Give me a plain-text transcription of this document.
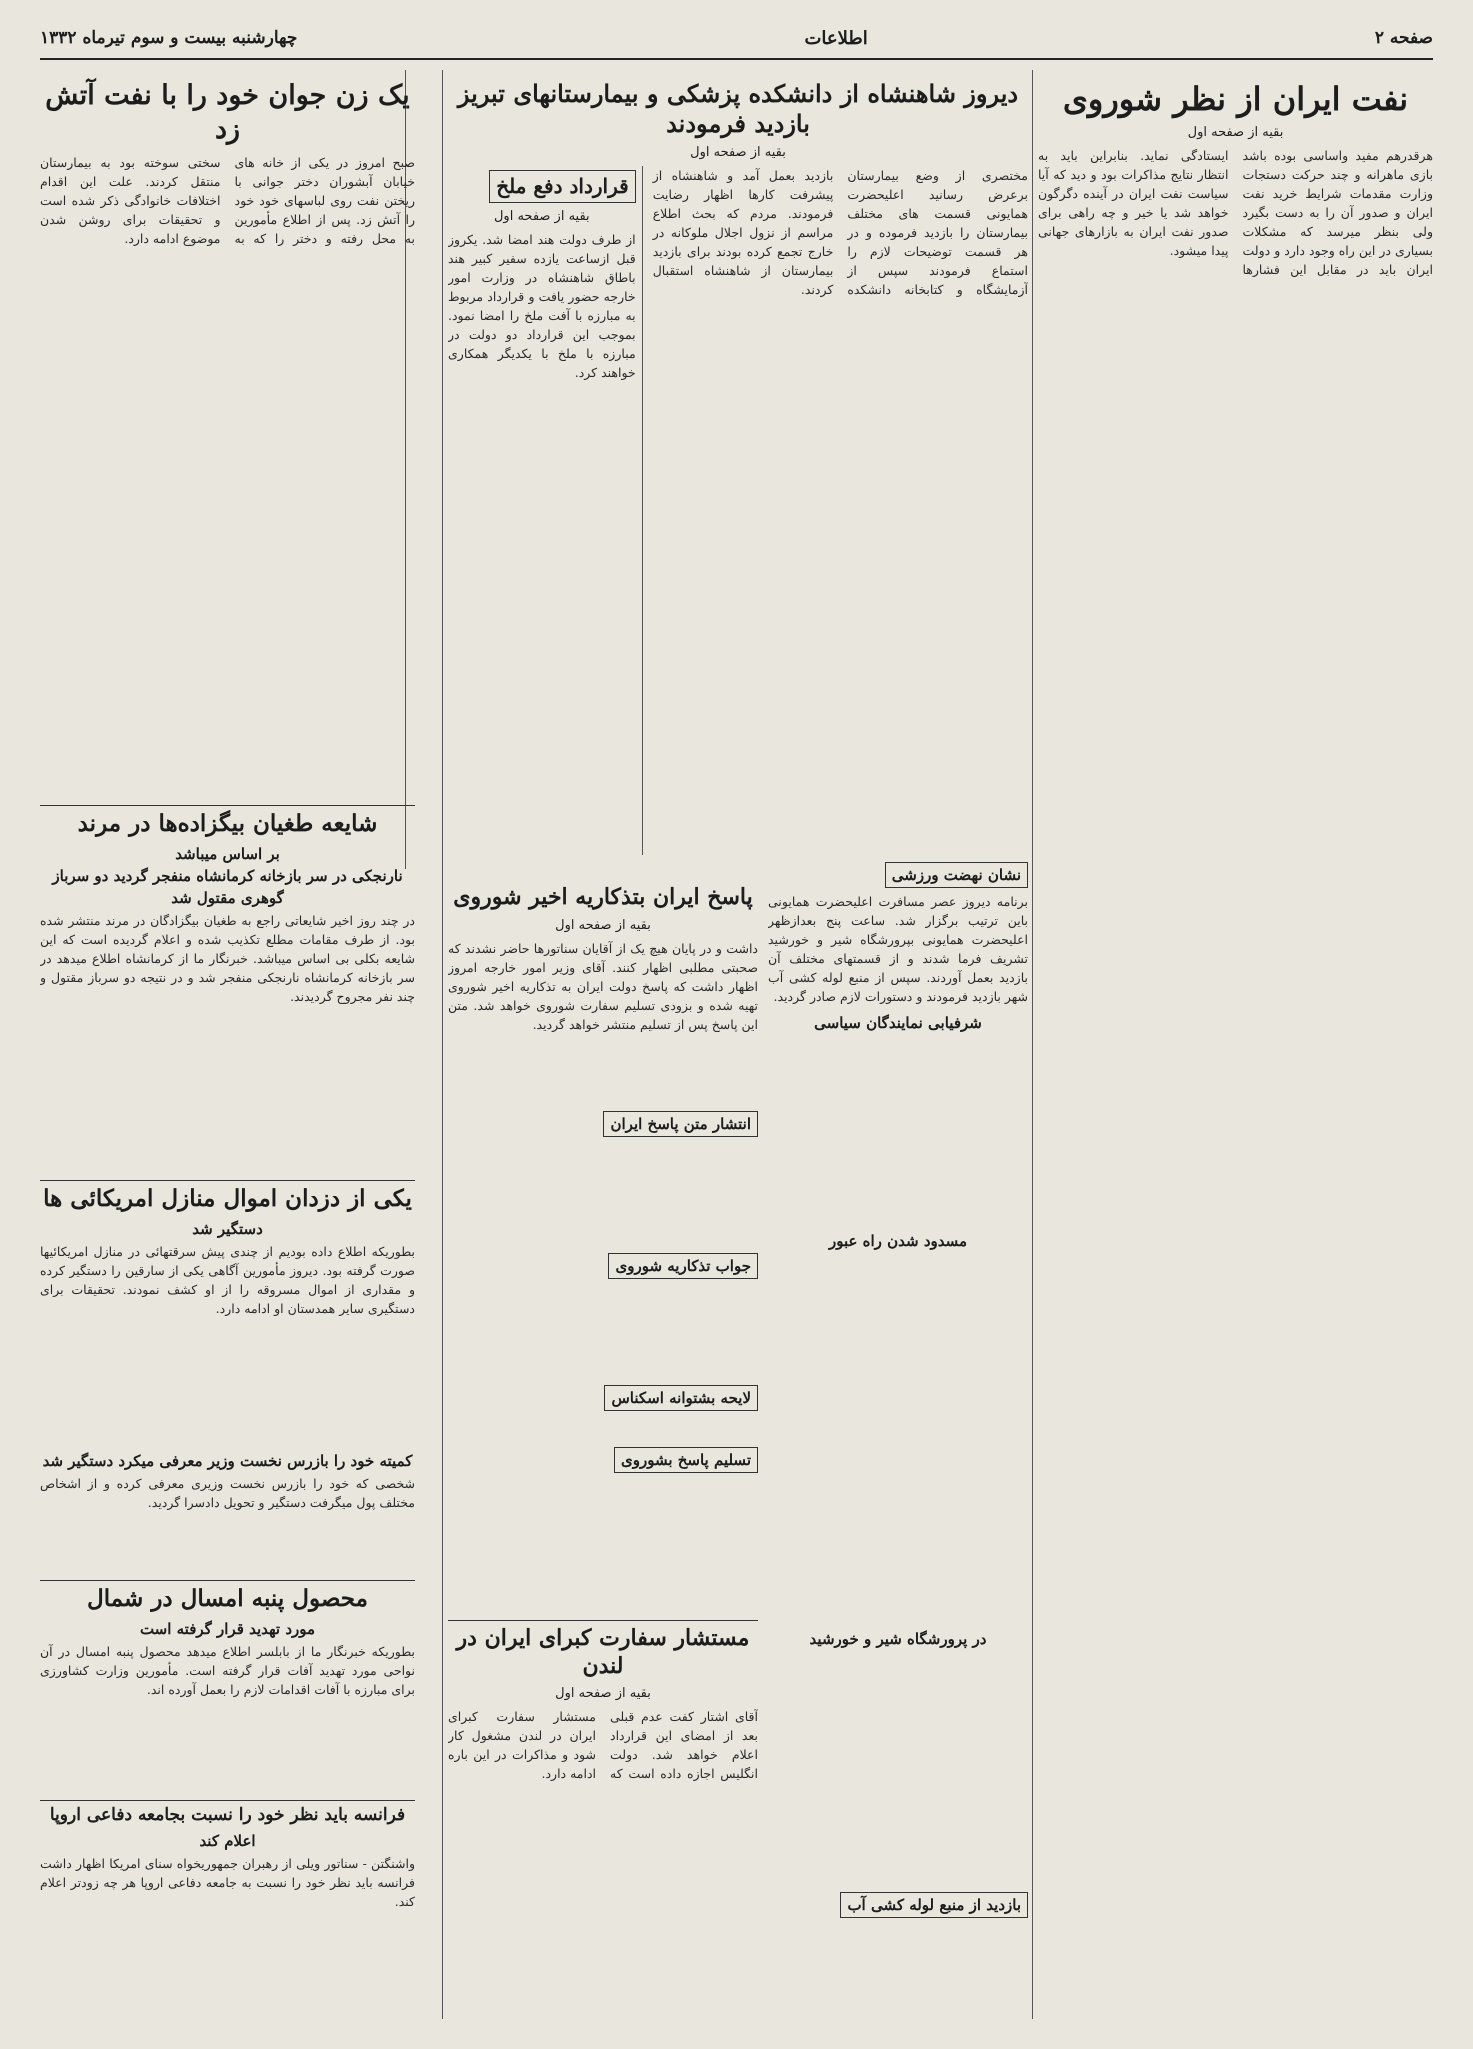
صفحه ۲
اطلاعات
چهارشنبه بیست و سوم تیرماه ۱۳۳۲
نفت ایران از نظر شوروی
بقیه از صفحه اول
هرقدرهم مفید واساسی بوده باشد بازی ماهرانه و چند حرکت دستجات وزارت مقدمات شرایط خرید نفت ایران و صدور آن را به دست بگیرد ولی بنظر میرسد که مشکلات بسیاری در این راه وجود دارد و دولت ایران باید در مقابل این فشارها ایستادگی نماید. بنابراین باید به انتظار نتایج مذاکرات بود و دید که آیا سیاست نفت ایران در آینده دگرگون خواهد شد یا خیر و چه راهی برای صدور نفت ایران به بازارهای جهانی پیدا میشود.
دیروز شاهنشاه از دانشکده پزشکی و بیمارستانهای تبریز بازدید فرمودند
بقیه از صفحه اول
مختصری از وضع بیمارستان برعرض رسانید اعلیحضرت همایونی قسمت های مختلف بیمارستان را بازدید فرموده و در هر قسمت توضیحات لازم را استماع فرمودند سپس از آزمایشگاه و کتابخانه دانشکده بازدید بعمل آمد و شاهنشاه از پیشرفت کارها اظهار رضایت فرمودند. مردم که بحث اطلاع مراسم از نزول اجلال ملوکانه در خارج تجمع کرده بودند برای بازدید بیمارستان از شاهنشاه استقبال کردند.
قرارداد دفع ملخ
بقیه از صفحه اول
از طرف دولت هند امضا شد. یکروز قبل ازساعت یازده سفیر کبیر هند باطاق شاهنشاه در وزارت امور خارجه حضور یافت و قرارداد مربوط به مبارزه با آفت ملخ را امضا نمود. بموجب این قرارداد دو دولت در مبارزه با ملخ با یکدیگر همکاری خواهند کرد.
نشان نهضت ورزشی
برنامه دیروز عصر مسافرت اعلیحضرت همایونی باین ترتیب برگزار شد. ساعت پنج بعدازظهر اعلیحضرت همایونی بپرورشگاه شیر و خورشید تشریف فرما شدند و از قسمتهای مختلف آن بازدید بعمل آوردند. سپس از منبع لوله کشی آب شهر بازدید فرمودند و دستورات لازم صادر گردید.
شرفیابی نمایندگان سیاسی
مسدود شدن راه عبور
در پرورشگاه شیر و خورشید
بازدید از منبع لوله کشی آب
پاسخ ایران بتذکاریه اخیر شوروی
بقیه از صفحه اول
داشت و در پایان هیچ یک از آقایان سناتورها حاضر نشدند که صحبتی مطلبی اظهار کنند. آقای وزیر امور خارجه امروز اظهار داشت که پاسخ دولت ایران به تذکاریه اخیر شوروی تهیه شده و بزودی تسلیم سفارت شوروی خواهد شد. متن این پاسخ پس از تسلیم منتشر خواهد گردید.
انتشار متن پاسخ ایران
جواب تذکاریه شوروی
لایحه بشتوانه اسکناس
تسلیم پاسخ بشوروی
مستشار سفارت کبرای ایران در لندن
بقیه از صفحه اول
آقای اشتار کفت عدم قبلی بعد از امضای این قرارداد اعلام خواهد شد. دولت انگلیس اجازه داده است که مستشار سفارت کبرای ایران در لندن مشغول کار شود و مذاکرات در این باره ادامه دارد.
یک زن جوان خود را با نفت آتش زد
صبح امروز در یکی از خانه های خیابان آبشوران دختر جوانی با ریختن نفت روی لباسهای خود خود را آتش زد. پس از اطلاع مأمورین به محل رفته و دختر را که به سختی سوخته بود به بیمارستان منتقل کردند. علت این اقدام اختلافات خانوادگی ذکر شده است و تحقیقات برای روشن شدن موضوع ادامه دارد.
شایعه طغیان بیگزاده‌ها در مرند
بر اساس میباشد
نارنجکی در سر بازخانه کرمانشاه منفجر گردید دو سرباز
گوهری مقتول شد
در چند روز اخیر شایعاتی راجع به طغیان بیگزادگان در مرند منتشر شده بود. از طرف مقامات مطلع تکذیب شده و اعلام گردیده است که این شایعه بکلی بی اساس میباشد. خبرنگار ما از کرمانشاه اطلاع میدهد در سر بازخانه کرمانشاه نارنجکی منفجر شد و در نتیجه دو سرباز مقتول و چند نفر مجروح گردیدند.
یکی از دزدان اموال منازل امریکائی ها
دستگیر شد
بطوریکه اطلاع داده بودیم از چندی پیش سرقتهائی در منازل امریکائیها صورت گرفته بود. دیروز مأمورین آگاهی یکی از سارقین را دستگیر کرده و مقداری از اموال مسروقه را از او کشف نمودند. تحقیقات برای دستگیری سایر همدستان او ادامه دارد.
کمیته خود را بازرس نخست وزیر معرفی میکرد دستگیر شد
شخصی که خود را بازرس نخست وزیری معرفی کرده و از اشخاص مختلف پول میگرفت دستگیر و تحویل دادسرا گردید.
محصول پنبه امسال در شمال
مورد تهدید قرار گرفته است
بطوریکه خبرنگار ما از بابلسر اطلاع میدهد محصول پنبه امسال در آن نواحی مورد تهدید آفات قرار گرفته است. مأمورین وزارت کشاورزی برای مبارزه با آفات اقدامات لازم را بعمل آورده اند.
فرانسه باید نظر خود را نسبت بجامعه دفاعی اروپا
اعلام کند
واشنگتن - سناتور ویلی از رهبران جمهوریخواه سنای امریکا اظهار داشت فرانسه باید نظر خود را نسبت به جامعه دفاعی اروپا هر چه زودتر اعلام کند.
